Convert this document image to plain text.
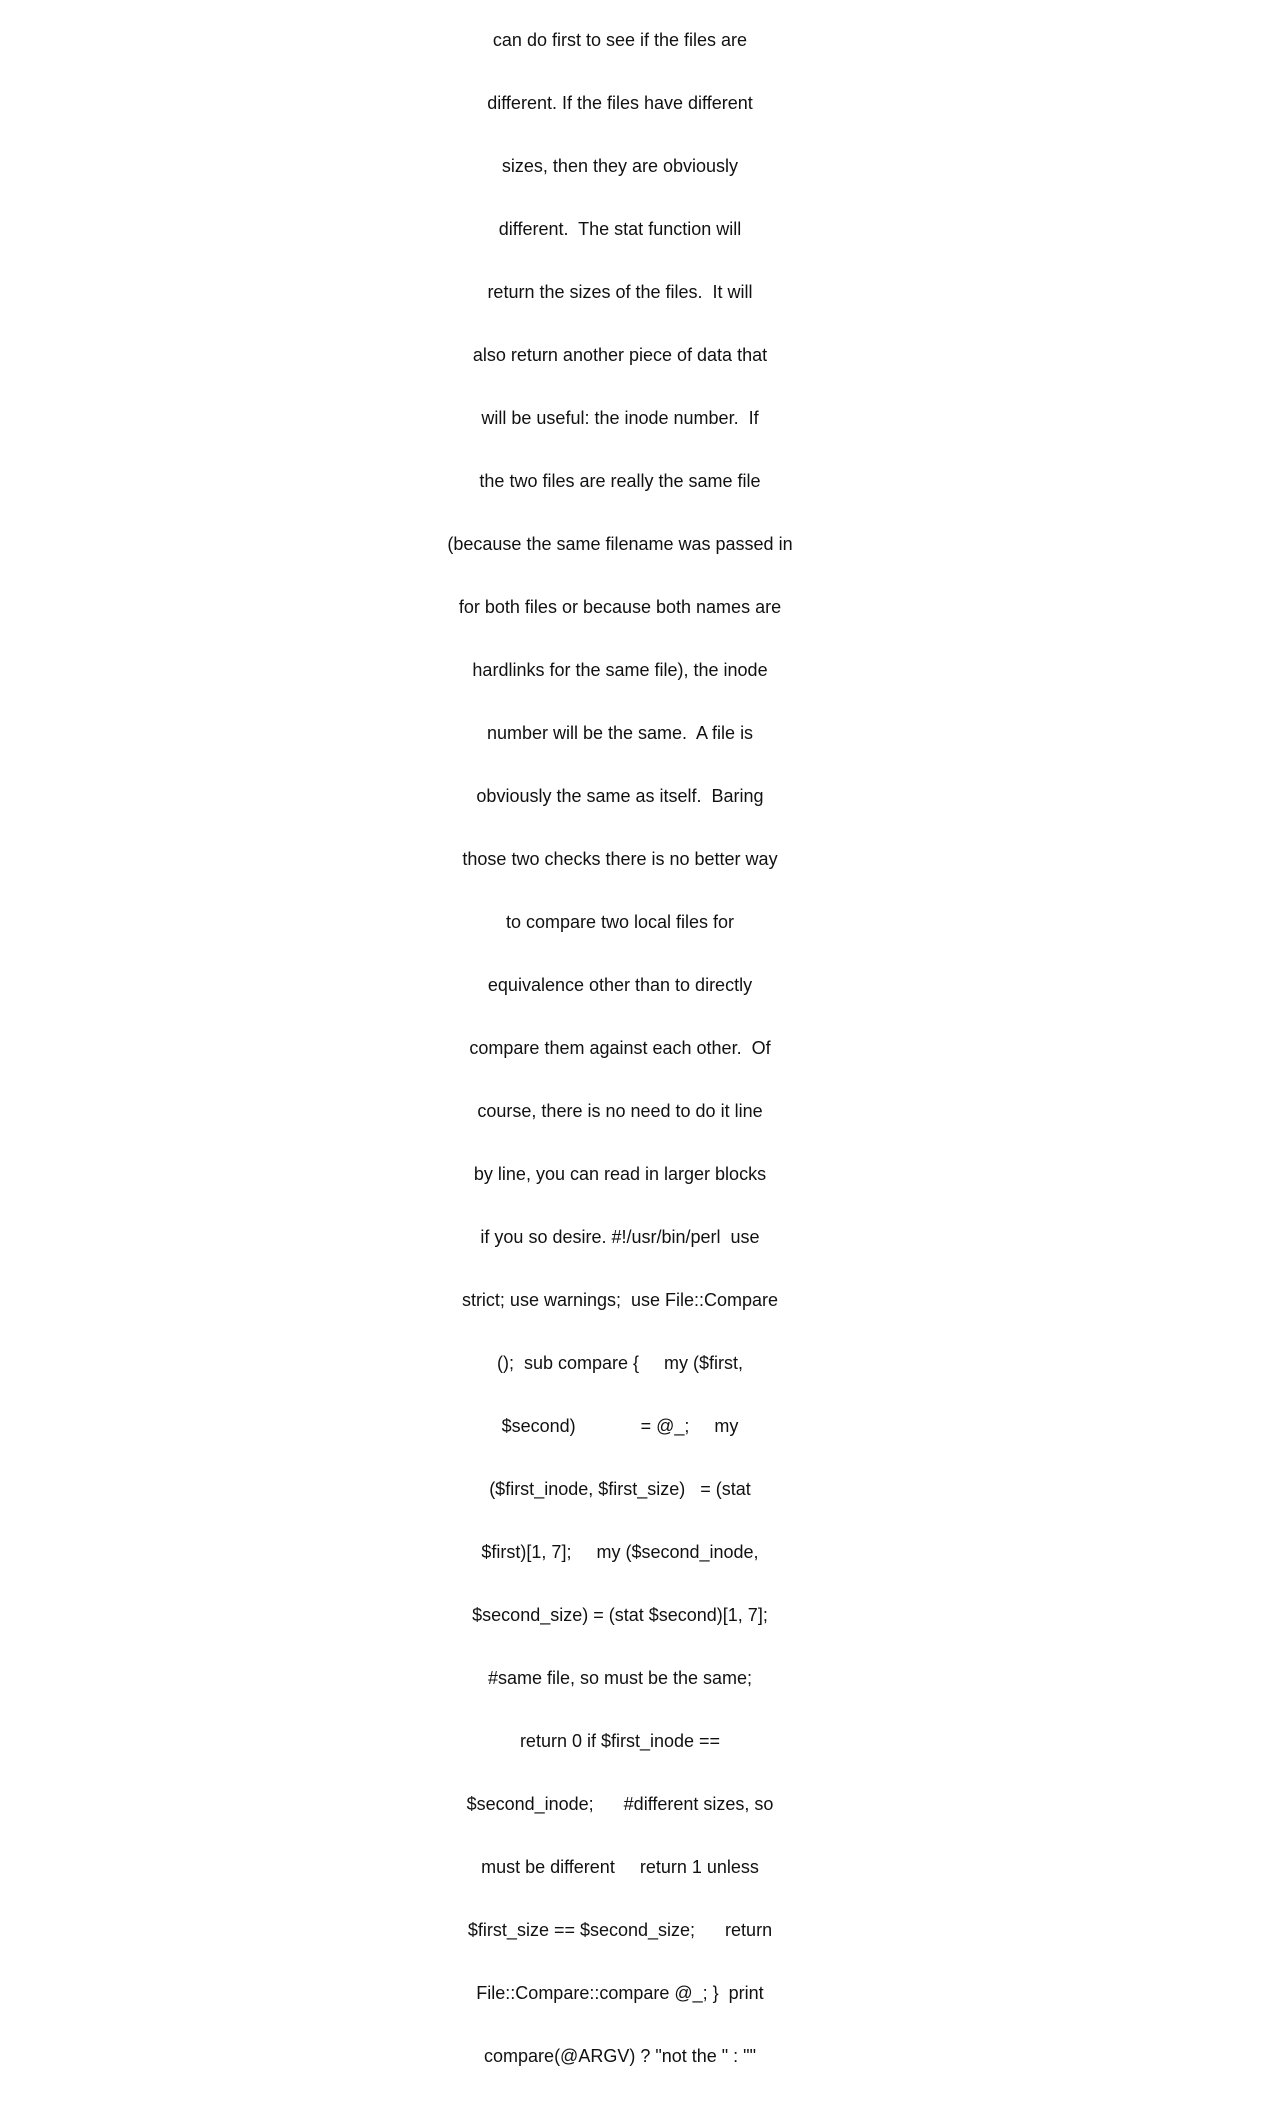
can do first to see if the files are

different. If the files have different

sizes, then they are obviously

different.  The stat function will

return the sizes of the files.  It will

also return another piece of data that

will be useful: the inode number.  If

the two files are really the same file

(because the same filename was passed in

for both files or because both names are

hardlinks for the same file), the inode

number will be the same.  A file is

obviously the same as itself.  Baring

those two checks there is no better way

to compare two local files for

equivalence other than to directly

compare them against each other.  Of

course, there is no need to do it line

by line, you can read in larger blocks

if you so desire. #!/usr/bin/perl  use

strict; use warnings;  use File::Compare

();  sub compare {     my ($first,

$second)             = @_;     my

($first_inode, $first_size)   = (stat

$first)[1, 7];     my ($second_inode,

$second_size) = (stat $second)[1, 7];

#same file, so must be the same;

return 0 if $first_inode ==

$second_inode;      #different sizes, so

must be different     return 1 unless

$first_size == $second_size;      return

File::Compare::compare @_; }  print

compare(@ARGV) ? "not the " : ""
